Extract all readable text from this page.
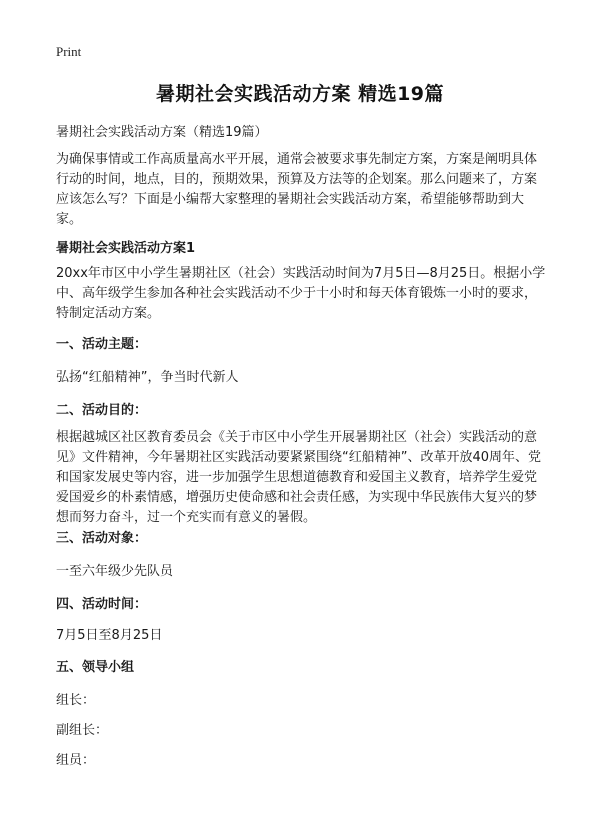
Print
暑期社会实践活动方案 精选19篇
暑期社会实践活动方案（精选19篇）
为确保事情或工作高质量高水平开展，通常会被要求事先制定方案，方案是阐明具体行动的时间，地点，目的，预期效果，预算及方法等的企划案。那么问题来了，方案应该怎么写？下面是小编帮大家整理的暑期社会实践活动方案，希望能够帮助到大家。
暑期社会实践活动方案1
20xx年市区中小学生暑期社区（社会）实践活动时间为7月5日—8月25日。根据小学中、高年级学生参加各种社会实践活动不少于十小时和每天体育锻炼一小时的要求，特制定活动方案。
一、活动主题：
弘扬“红船精神”，争当时代新人
二、活动目的：
根据越城区社区教育委员会《关于市区中小学生开展暑期社区（社会）实践活动的意见》文件精神，今年暑期社区实践活动要紧紧围绕“红船精神”、改革开放40周年、党和国家发展史等内容，进一步加强学生思想道德教育和爱国主义教育，培养学生爱党爱国爱乡的朴素情感，增强历史使命感和社会责任感，为实现中华民族伟大复兴的梦想而努力奋斗，过一个充实而有意义的暑假。
三、活动对象：
一至六年级少先队员
四、活动时间：
7月5日至8月25日
五、领导小组
组长：
副组长：
组员：
